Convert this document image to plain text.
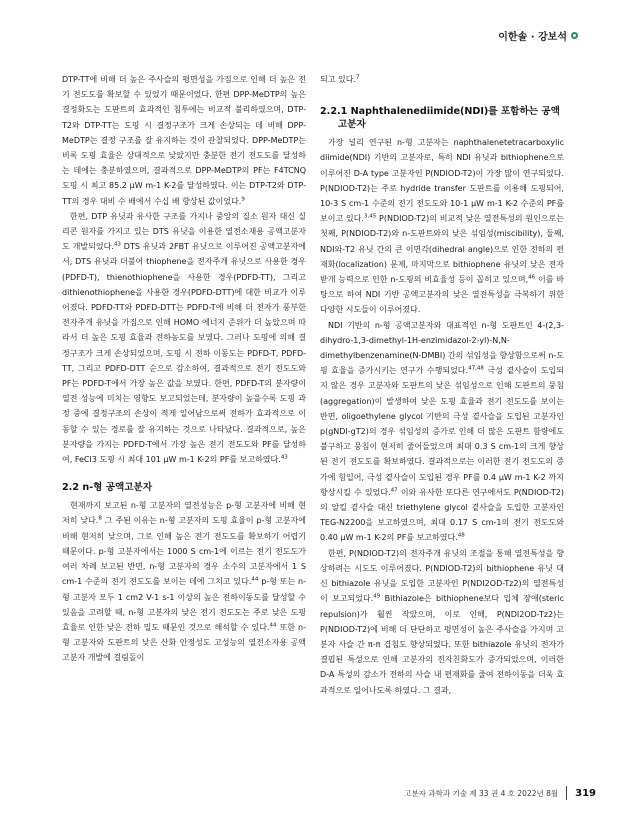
이한솔 · 강보석

DTP-TT에 비해 더 높은 주사슬의 평면성을 가짐으로 인해 더 높은 전기 전도도를 확보할 수 있었기 때문이었다. 한편 DPP-MeDTP의 높은 결정화도는 도판트의 효과적인 침투에는 비교적 불리하였으며, DTP-T2와 DTP-TT는 도핑 시 결정구조가 크게 손상되는 데 비해 DPP-MeDTP는 결정 구조를 잘 유지하는 것이 관찰되었다. DPP-MeDTP는 비록 도핑 효율은 상대적으로 낮았지만 충분한 전기 전도도를 달성하는 데에는 충분하였으며, 결과적으로 DPP-MeDTP의 PF는 F4TCNQ 도핑 시 최고 85.2 μW m-1 K-2를 달성하였다. 이는 DTP-T2와 DTP-TT의 경우 대비 수 배에서 수십 배 향상된 값이었다.$^9$

한편, DTP 유닛과 유사한 구조를 가지나 중앙의 질소 원자 대신 실리콘 원자를 가지고 있는 DTS 유닛을 이용한 열전소재용 공액고분자도 개발되었다.$^{43}$ DTS 유닛과 2FBT 유닛으로 이루어진 공액고분자에서, DTS 유닛과 더불어 thiophene을 전자주개 유닛으로 사용한 경우(PDFD-T), thienothiophene을 사용한 경우(PDFD-TT), 그리고 dithienothiophene을 사용한 경우(PDFD-DTT)에 대한 비교가 이루어졌다. PDFD-TT와 PDFD-DTT는 PDFD-T에 비해 더 전자가 풍부한 전자주개 유닛을 가짐으로 인해 HOMO 에너지 준위가 더 높았으며 따라서 더 높은 도핑 효율과 전하농도를 보였다. 그러나 도핑에 의해 결정구조가 크게 손상되었으며, 도핑 시 전하 이동도는 PDFD-T, PDFD-TT, 그리고 PDFD-DTT 순으로 감소하여, 결과적으로 전기 전도도와 PF는 PDFD-T에서 가장 높은 값을 보였다. 한편, PDFD-T의 분자량이 열전 성능에 미치는 영향도 보고되었는데, 분자량이 높을수록 도핑 과정 중에 결정구조의 손상이 적게 일어남으로써 전하가 효과적으로 이동할 수 있는 경로를 잘 유지하는 것으로 나타났다. 결과적으로, 높은 분자량을 가지는 PDFD-T에서 가장 높은 전기 전도도와 PF를 달성하여, FeCl3 도핑 시 최대 101 μW m-1 K-2의 PF를 보고하였다.$^{43}$

2.2 n-형 공액고분자

현재까지 보고된 n-형 고분자의 열전성능은 p-형 고분자에 비해 현저히 낮다.$^8$ 그 주된 이유는 n-형 고분자의 도핑 효율이 p-형 고분자에 비해 현저히 낮으며, 그로 인해 높은 전기 전도도를 확보하기 어렵기 때문이다. p-형 고분자에서는 1000 S cm-1에 이르는 전기 전도도가 여러 차례 보고된 반면, n-형 고분자의 경우 소수의 고분자에서 1 S cm-1 수준의 전기 전도도를 보이는 데에 그치고 있다.$^{44}$ p-형 또는 n-형 고분자 모두 1 cm2 V-1 s-1 이상의 높은 전하이동도를 달성할 수 있음을 고려할 때, n-형 고분자의 낮은 전기 전도도는 주로 낮은 도핑 효율로 인한 낮은 전하 밀도 때문인 것으로 해석할 수 있다.$^{44}$ 또한 n-형 고분자와 도판트의 낮은 산화 안정성도 고성능의 열전소자용 공액고분자 개발에 걸림돌이

되고 있다.$^7$

2.2.1 Naphthalenediimide(NDI)를 포함하는 공액
고분자

가장 널리 연구된 n-형 고분자는 naphthalenetetracarboxylic diimide(NDI) 기반의 고분자로, 특히 NDI 유닛과 bithiophene으로 이루어진 D-A type 고분자인 P(NDIOD-T2)이 가장 많이 연구되었다. P(NDIOD-T2)는 주로 hydride transfer 도판트를 이용해 도핑되어, 10-3 S cm-1 수준의 전기 전도도와 10-1 μW m-1 K-2 수준의 PF를 보이고 있다.$^{3,45}$ P(NDIOD-T2)의 비교적 낮은 열전특성의 원인으로는 첫째, P(NDIOD-T2)와 n-도판트와의 낮은 섞임성(miscibility), 둘째, NDI와-T2 유닛 간의 큰 이면각(dihedral angle)으로 인한 전하의 편재화(localization) 문제, 마지막으로 bithiophene 유닛의 낮은 전자받개 능력으로 인한 n-도핑의 비효율성 등이 꼽히고 있으며,$^{46}$ 이를 바탕으로 하여 NDI 기반 공액고분자의 낮은 열전특성을 극복하기 위한 다양한 시도들이 이루어졌다.

NDI 기반의 n-형 공액고분자와 대표적인 n-형 도판트인 4-(2,3-dihydro-1,3-dimethyl-1H-enzimidazol-2-yl)-N,N-dimethylbenzenamine(N-DMBI) 간의 섞임성을 향상함으로써 n-도핑 효율을 증가시키는 연구가 수행되었다.$^{47,48}$ 극성 곁사슬이 도입되지 않은 경우 고분자와 도판트의 낮은 섞임성으로 인해 도판트의 뭉침(aggregation)이 발생하여 낮은 도핑 효율과 전기 전도도를 보이는 반면, oligoethylene glycol 기반의 극성 곁사슬을 도입된 고분자인 p(gNDI-gT2)의 경우 섞임성의 증가로 인해 더 많은 도판트 함량에도 불구하고 뭉침이 현저히 줄어들었으며 최대 0.3 S cm-1의 크게 향상된 전기 전도도를 확보하였다. 결과적으로는 이러한 전기 전도도의 증가에 힘입어, 극성 곁사슬이 도입된 경우 PF를 0.4 μW m-1 K-2 까지 향상시킬 수 있었다.$^{47}$ 이와 유사한 또다른 연구에서도 P(NDIOD-T2)의 알킬 곁사슬 대신 triethylene glycol 곁사슬을 도입한 고분자인 TEG-N2200을 보고하였으며, 최대 0.17 S cm-1의 전기 전도도와 0.40 μW m-1 K-2의 PF를 보고하였다.$^{48}$

한편, P(NDIOD-T2)의 전자주개 유닛의 조절을 통해 열전특성을 향상하려는 시도도 이루어졌다. P(NDIOD-T2)의 bithiophene 유닛 대신 bithiazole 유닛을 도입한 고분자인 P(NDI2OD-Tz2)의 열전특성이 보고되었다.$^{49}$ Bithiazole은 bithiophene보다 입체 장애(steric repulsion)가 훨씬 작았으며, 이로 인해, P(NDI2OD-Tz2)는 P(NDIOD-T2)에 비해 더 단단하고 평면성이 높은 주사슬을 가지며 고분자 사슬 간 π-π 겹침도 향상되었다. 또한 bithiazole 유닛의 전자가 결핍된 특성으로 인해 고분자의 전자친화도가 증가되었으며, 이러한 D-A 특성의 감소가 전하의 사슬 내 편재화를 줄여 전하이동을 더욱 효과적으로 일어나도록 하였다. 그 결과,

고분자 과학과 기술 제 33 권 4 호 2022년 8월 319
